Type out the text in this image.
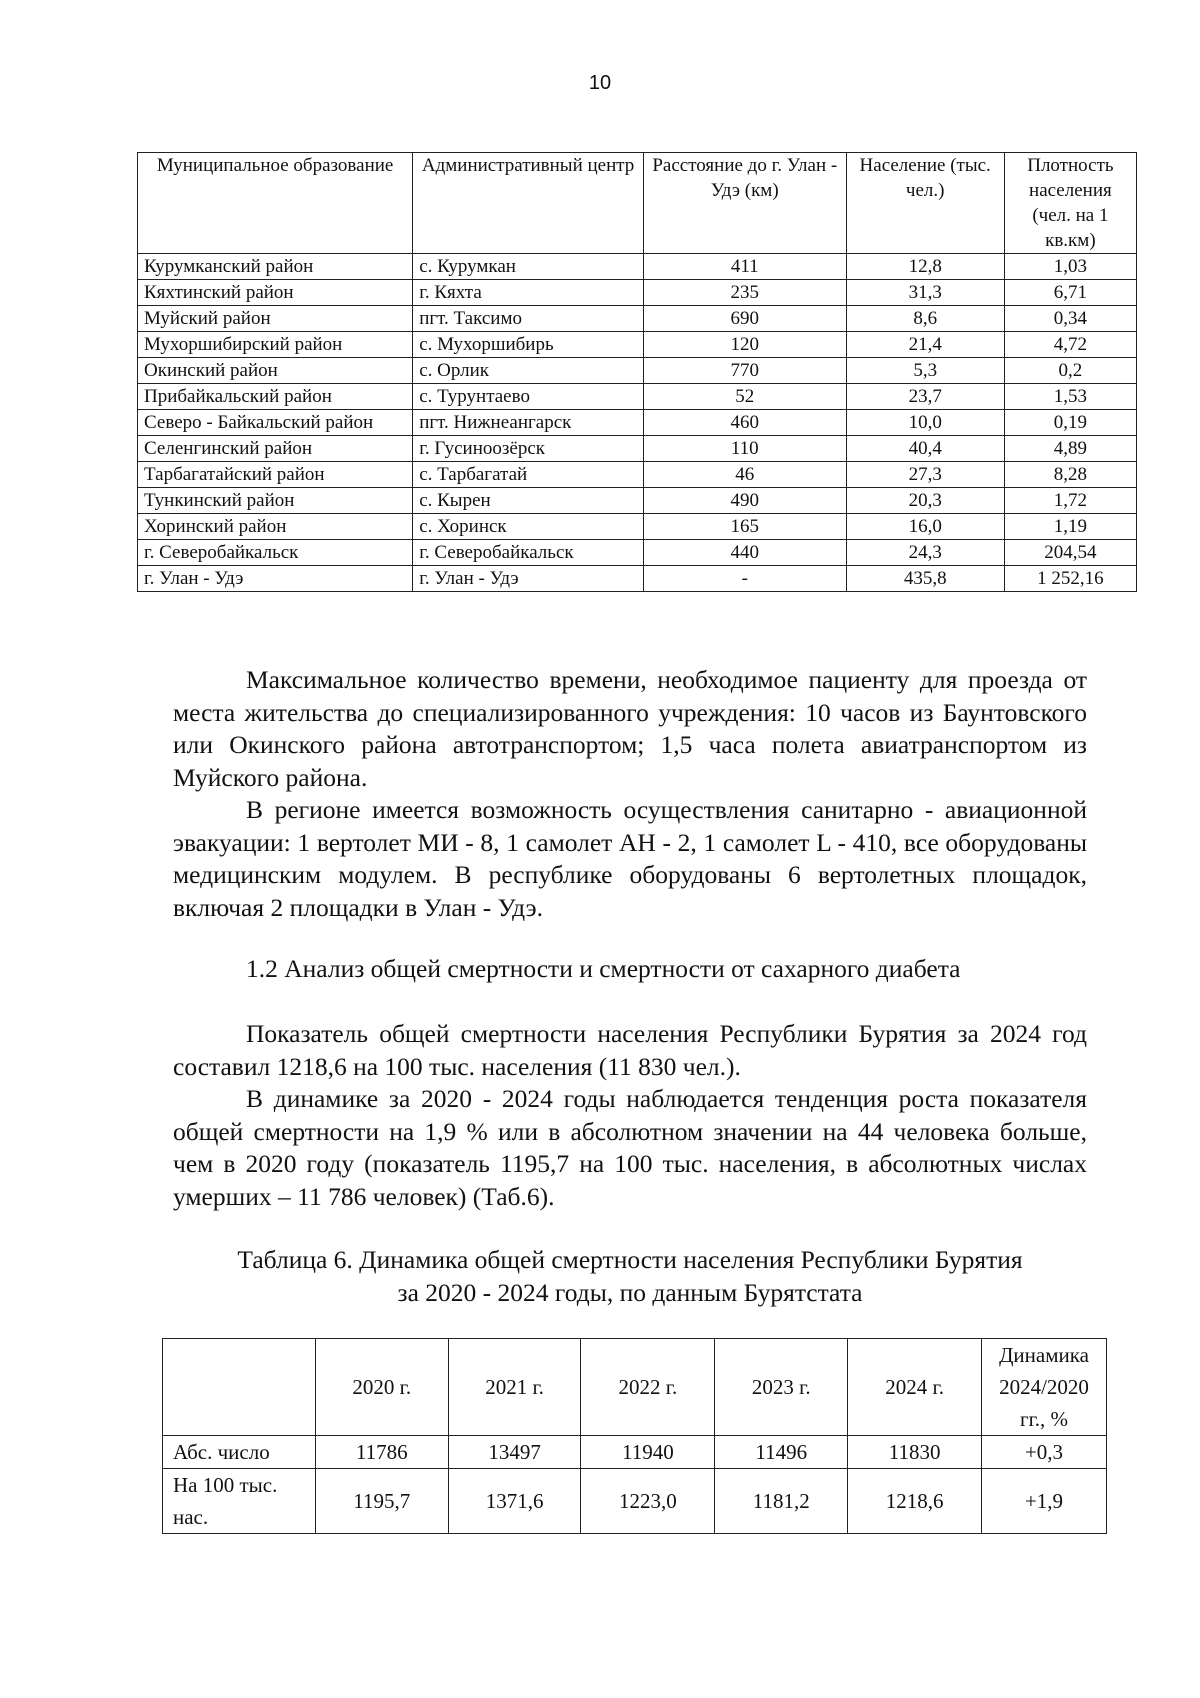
10
Муниципальное образование	Административный центр	Расстояние до г. Улан - Удэ (км)	Население (тыс. чел.)	Плотность населения (чел. на 1 кв.км)
Курумканский район	с. Курумкан	411	12,8	1,03
Кяхтинский район	г. Кяхта	235	31,3	6,71
Муйский район	пгт. Таксимо	690	8,6	0,34
Мухоршибирский район	с. Мухоршибирь	120	21,4	4,72
Окинский район	с. Орлик	770	5,3	0,2
Прибайкальский район	с. Турунтаево	52	23,7	1,53
Северо - Байкальский район	пгт. Нижнеангарск	460	10,0	0,19
Селенгинский район	г. Гусиноозёрск	110	40,4	4,89
Тарбагатайский район	с. Тарбагатай	46	27,3	8,28
Тункинский район	с. Кырен	490	20,3	1,72
Хоринский район	с. Хоринск	165	16,0	1,19
г. Северобайкальск	г. Северобайкальск	440	24,3	204,54
г. Улан - Удэ	г. Улан - Удэ	-	435,8	1 252,16

Максимальное количество времени, необходимое пациенту для проезда от места жительства до специализированного учреждения: 10 часов из Баунтовского или Окинского района автотранспортом; 1,5 часа полета авиатранспортом из Муйского района.

В регионе имеется возможность осуществления санитарно - авиационной эвакуации: 1 вертолет МИ - 8, 1 самолет АН - 2, 1 самолет L - 410, все оборудованы медицинским модулем. В республике оборудованы 6 вертолетных площадок, включая 2 площадки в Улан - Удэ.

1.2 Анализ общей смертности и смертности от сахарного диабета

Показатель общей смертности населения Республики Бурятия за 2024 год составил 1218,6 на 100 тыс. населения (11 830 чел.).

В динамике за 2020 - 2024 годы наблюдается тенденция роста показателя общей смертности на 1,9 % или в абсолютном значении на 44 человека больше, чем в 2020 году (показатель 1195,7 на 100 тыс. населения, в абсолютных числах умерших – 11 786 человек) (Таб.6).

Таблица 6. Динамика общей смертности населения Республики Бурятия
за 2020 - 2024 годы, по данным Бурятстата
	2020 г.	2021 г.	2022 г.	2023 г.	2024 г.	Динамика 2024/2020 гг., %
Абс. число	11786	13497	11940	11496	11830	+0,3
На 100 тыс. нас.	1195,7	1371,6	1223,0	1181,2	1218,6	+1,9
